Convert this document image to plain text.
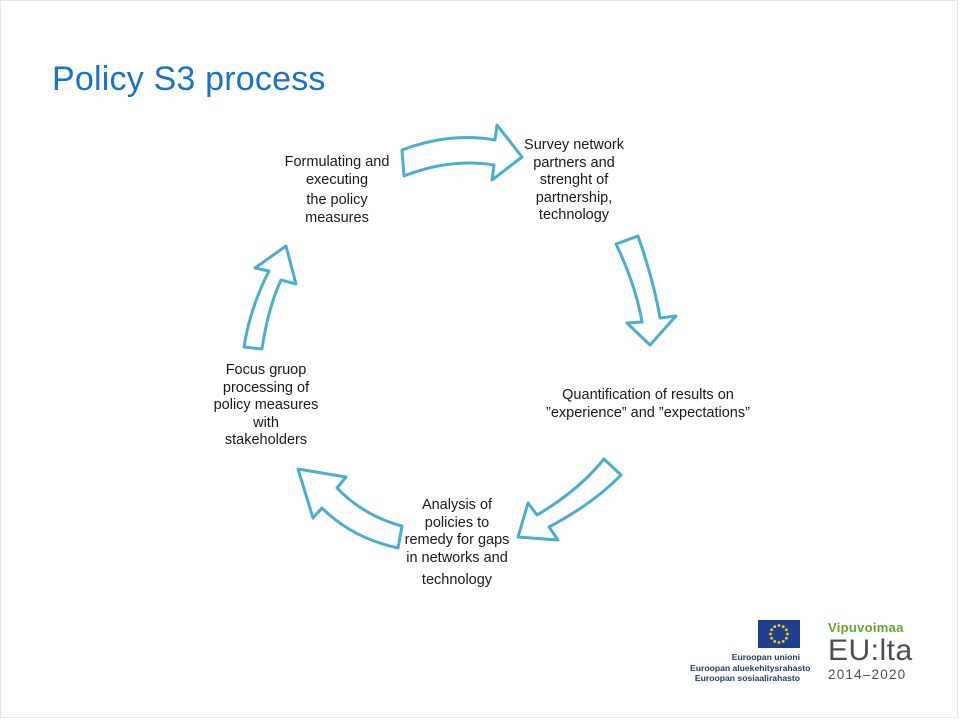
Policy S3 process
Formulating and
executing
the policy
measures
Survey network
partners and
strenght of
partnership,
technology
Quantification of results on
”experience” and ”expectations”
Analysis of
policies to
remedy for gaps
in networks and
technology
Focus gruop
processing of
policy measures
with
stakeholders
Euroopan unioni
Euroopan aluekehitysrahasto
Euroopan sosiaalirahasto
Vipuvoimaa
EU:lta
2014–2020
